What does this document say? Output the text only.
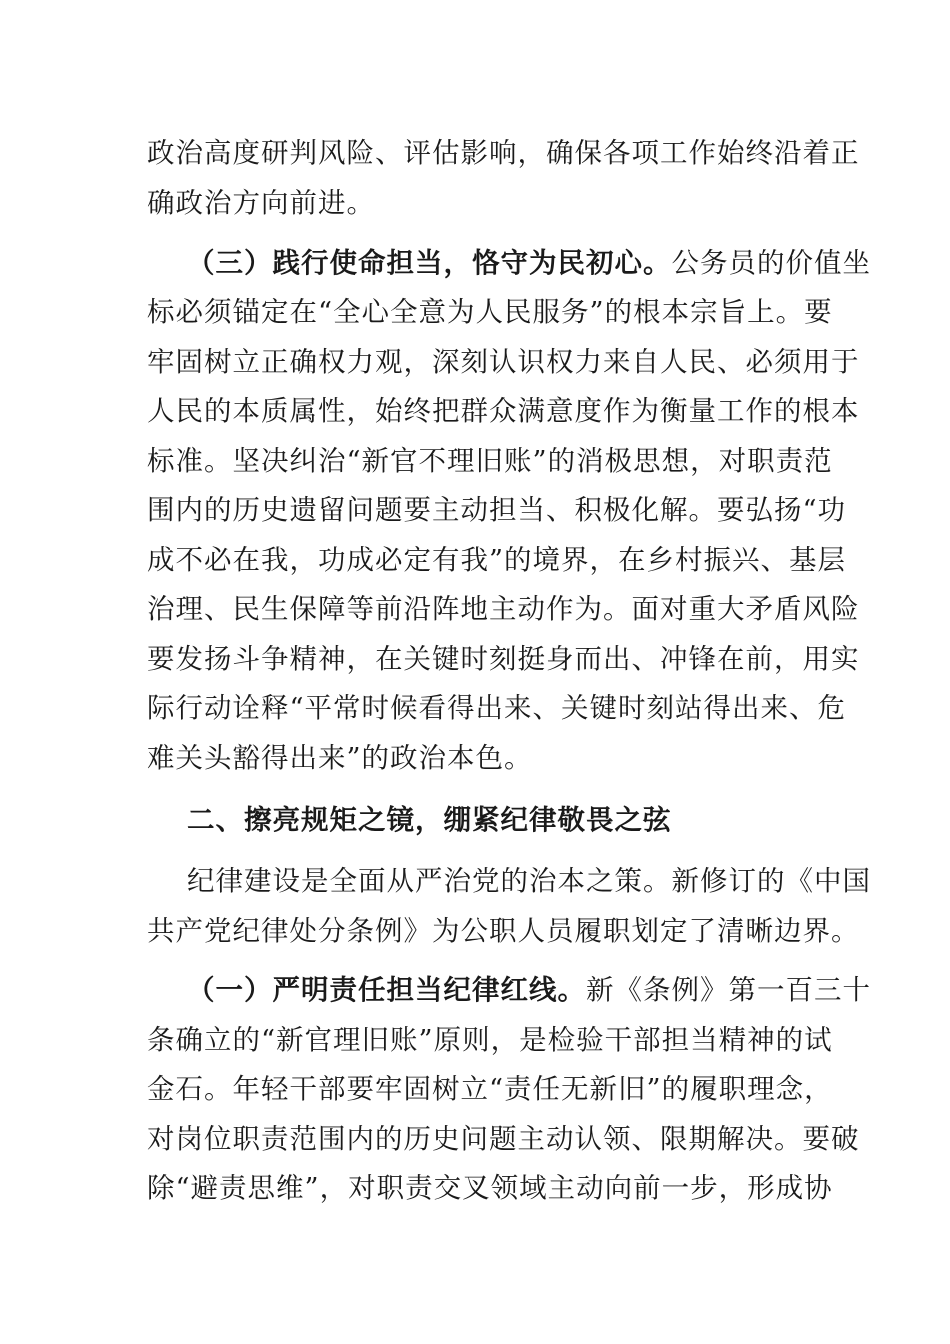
政治高度研判风险、评估影响，确保各项工作始终沿着正
确政治方向前进。
（三）践行使命担当，恪守为民初心。公务员的价值坐
标必须锚定在“全心全意为人民服务”的根本宗旨上。要
牢固树立正确权力观，深刻认识权力来自人民、必须用于
人民的本质属性，始终把群众满意度作为衡量工作的根本
标准。坚决纠治“新官不理旧账”的消极思想，对职责范
围内的历史遗留问题要主动担当、积极化解。要弘扬“功
成不必在我，功成必定有我”的境界，在乡村振兴、基层
治理、民生保障等前沿阵地主动作为。面对重大矛盾风险
要发扬斗争精神，在关键时刻挺身而出、冲锋在前，用实
际行动诠释“平常时候看得出来、关键时刻站得出来、危
难关头豁得出来”的政治本色。
二、擦亮规矩之镜，绷紧纪律敬畏之弦
纪律建设是全面从严治党的治本之策。新修订的《中国
共产党纪律处分条例》为公职人员履职划定了清晰边界。
（一）严明责任担当纪律红线。新《条例》第一百三十
条确立的“新官理旧账”原则，是检验干部担当精神的试
金石。年轻干部要牢固树立“责任无新旧”的履职理念，
对岗位职责范围内的历史问题主动认领、限期解决。要破
除“避责思维”，对职责交叉领域主动向前一步，形成协
